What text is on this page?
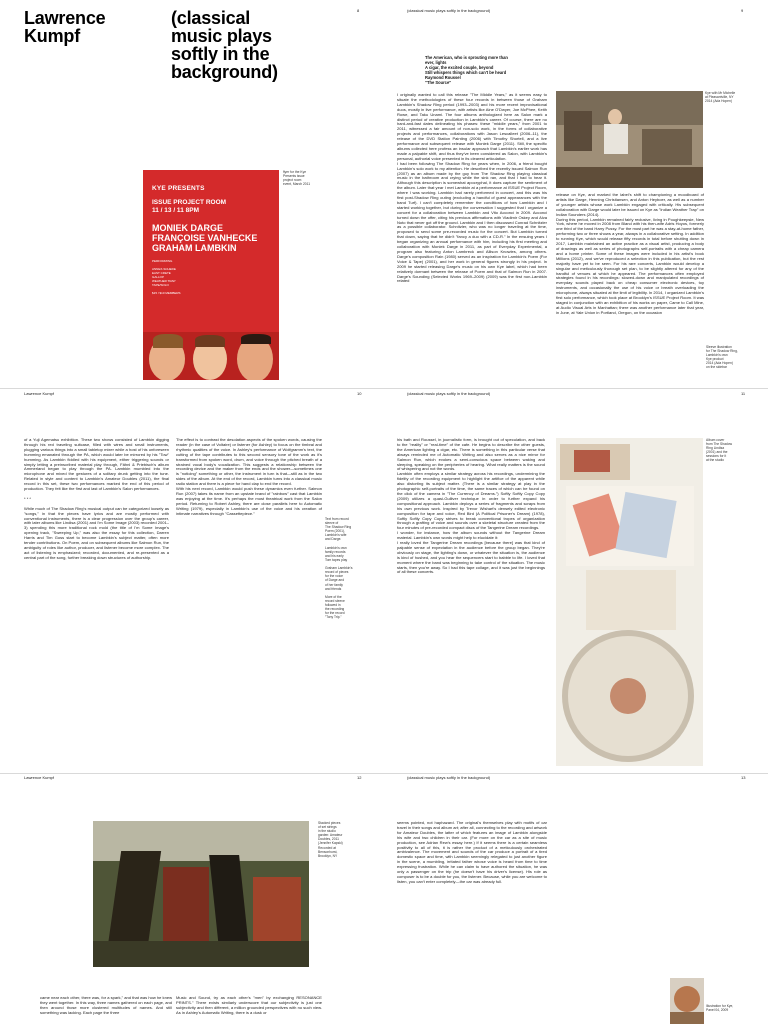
Lawrence
Kumpf
(classical
music plays
softly in the
background)
8	(classical music plays softly in the background)	9
flyer for the Kye
Presents issue
project room
event, March 2011
KYE PRESENTS
ISSUE PROJECT ROOM
11 / 13 / 11 8PM
MONIEK DARGE
FRANÇOISE VANHECKE
GRAHAM LAMBKIN
PERFORMING

ANNEX-SCHEDE
EAST CRETE
GALLOP
WEATHER TRAP
TAPE/SOLO

$15 / $10 MEMBERS
The American, who is sprouting more than
ever, lights
A cigar, the excited couple, beyond
Still whispers things which can't be heard
Raymond Roussel
"The Source"
I originally wanted to call this release "The Middle Years," as it seems easy to situate the methodologies of these four records in between those of Graham Lambkin's Shadow Ring period (1993–2003) and his more recent improvisational duos, mostly in live performance, with artists like Aine O'Dwyer, Joe McPhee, Keith Rowe, and Taku Unami. The four albums anthologized here as Salon mark a distinct period of creative production in Lambkin's career. Of course, there are no hard-and-fast dates delineating his phases: these "middle years," from 2001 to 2011, witnessed a fair amount of non-solo work, in the forms of collaborative projects and performances, collaborations with Jason Lescalleet (2006–11), the release of the DVD Station Painting (2006) with Timothy Shortell, and a live performance and subsequent release with Moniek Darge (2011). Still, the specific albums collected here profess an insular approach that Lambkin's earlier work has made a palpable shift, and thus they've been considered as Salon, with Lambkin's personal, authorial voice presented in its clearest articulation.
I had been following The Shadow Ring for years when, in 2006, a friend bought Lambkin's solo work to my attention. He described the recently issued Salmon Run (2007) as an album made by the guy from The Shadow Ring playing classical music in the bathroom and crying while the sink ran, and that I had to hear it. Although this description is somewhat apocryphal, it does capture the sentiment of the album. Later that year I met Lambkin at a performance at ISSUE Project Room, where I was working. Lambkin had rarely performed in concert, and this was his first post-Shadow Ring outing (excluding a handful of guest appearances with the band Turf). I can't completely remember the conditions of how Lambkin and I started working together, but during the conversation I suggested that I organize a concert for a collaboration between Lambkin and Vito Acconci in 2009. Acconci turned down the offer, citing his previous affirmations with Vladimir Oskey and Alva Noto that never got off the ground. Lambkin and I then discussed Conrad Schnitzler as a possible collaborator. Schnitzler, who was no longer traveling at the time, proposed to send some pre-recorded music for the concert. But Lambkin turned that down, saying that he didn't "fancy a duo with a CD-R." In the ensuing years I began organizing an annual performance with him, including his first meeting and collaboration with Moniek Darge in 2011, as part of Everyday Experimental, a program also featuring Anton Lambreck and Allison Knowles, among others. Darge's composition Rain (1980) served as an inspiration for Lambkin's Poem (For Voice & Tape) (2001), and her work in general figures strongly in his project. In 2009 he started releasing Darge's music on his own Kye label, which had been relatively dormant between the release of Poem and that of Salmon Run in 2007. Darge's Sounding (Selected Works 1969–2009) (2009) was the first non-Lambkin related
Kye with Mr Michelle
at Pleasantville, NY
2014 (Ada Hopen)
release on Kye, and marked the label's shift to championing a moodboard of artists like Darge, Henning Christiansen, and Anton Heyboer, as well as a number of younger artists whose work Lambkin engaged with critically. His subsequent collaboration with Darge would later be issued on Kye as "Indian Weather Trap" on Indian Sounders (2014).
During this period, Lambkin remained fairly reclusive, living in Poughkeepsie, New York, where he moved in 2008 from Bland with his then-wife Adris Hoyos, formerly one third of the band Harry Pussy. For the most part he was a stay-at-home father, performing two or three shows a year, always in a collaborative setting. In addition to running Kye, which would release fifty records in total before shutting down in 2017, Lambkin maintained an active practice as a visual artist, producing a body of drawings as well as series of photographs self-portraits with a cheap camera and a home printer. Some of these images were included in his artist's book Millions (2012), and we've reproduced a selection in this publication, but the rest majority have yet to be seen. For his rare concerts, Lambkin would develop a singular and meticulously thorough set plan, to be slightly altered for any of the handful of venues at which he appeared. The performances often employed strategies found in his recordings: slowed-down and manipulated recordings of everyday sounds played back on cheap consumer electronic devices, toy instruments, and occasionally the use of his voice or breath overloading the microphone, always situated at the limit of legibility. In 2014, I organized Lambkin's first solo performance, which took place at Brooklyn's ISSUE Project Room. It was staged in conjunction with an exhibition of his works on paper, Came to Call Mine, at Audio Visual Arts in Manhattan; there was another performance later that year, in June, at Yale Union in Portland, Oregon, on the occasion
Sleeve illustration
for The Shadow Ring,
Lambkin's own
Kye product
2014 (Ada Hopen)
on the sidebar
Lawrence Kumpf	10	(classical music plays softly in the background)	11
of a Yuji Agematsu exhibition. These two shows consisted of Lambkin digging through his red traveling suitcase, filled with wires and small instruments, plugging various things into a small tabletop mixer while a host of his unforeseen humming emanated through the PA, which would later be mirrored by his "Tow" humming. As Lambkin fiddled with his equipment, either triggering sounds or simply letting a preinscribed material play through, Fähnl & Priebisch's album Ammerland began to play through the PA. Lambkin mumbled into the microphone and mixed the gestures of a solitary drunk getting into the tune. Related in style and content to Lambkin's Amateur Doubles (2011), the final record in this set, these two performances marked the end of this period of production. They felt like the first and last of Lambkin's Salon performances.

* * *

While much of The Shadow Ring's musical output can be categorized loosely as "songs," in that the pieces have lyrics and are mostly performed with conventional instruments, there is a clear progression over the group's career, with later albums like Lindisa (2001) and I'm Some Image (2003) recorded 2001–3) spending this more traditional rock mold (the title of I'm Some Image's opening track, "Sweeping Up," was also the essay for this collection, Darren Harris and Tim Goss start to become Lambkin's subject matter, often more tender contributions. On Poem, and on subsequent albums like Salmon Run, the ambiguity of roles like author, producer, and listener become more complex. The act of listening is emphasized; recorded, documented, and re-presented as a central part of the song, further breaking down structures of authorship.
The effect is to contrast the desolation aspects of the spoken words, causing the reader (in the case of Voltaire) or listener (for Ashley) to focus on the timbral and rhythmic qualities of the voice. In Ashley's performance of Wolfgramm's text, the cutting of the tape contributes to this second sensory tone of the work as it's transformed from spoken word, drum, and voice through the pitched breath of a strained vocal body's vocalization. This suggests a relationship between the recording device and the maker from the ends and the shower—sometimes one is "noticing" something or other, the instrument in turn is that—still as in the two sides of the album. At the end of the record, Lambkin turns into a classical music radio station and there is a piece for hand clap to end the record.
With his next record, Lambkin would push these dynamics even further. Salmon Run (2007) takes its name from an upstate brand of "rainbow" cast that Lambkin was enjoying at the time. It's perhaps the most theatrical work from the Salon period. Returning to Robert Ashley, there are close parallels here to Automatic Writing (1979), especially in Lambkin's use of the voice and his creation of intimate narratives through "Cassettepiece."
Text from record
sleeve of
The Shadow Ring
Poem (2001),
Lambkin's wife
and Darge.

Lambkin's own
family records
and his early
Tom tapes play

Graham Lambkin's
record of pieces
for the voice
of Darge and
of her family
and friends

More of the
record sleeve
followed in
the recording
for the record
"Tony Trip."
his bath and Roussel, in journalistic form, is brought out of speculation, and back to the "reality" or "real-time" of the cafe. He begins to describe the other guests, the American lighting a cigar, etc. There is something in this particular verse that always reminded me of Automatic Writing and also serves as a nice mirror for Salmon Run, which evokes a semi-conscious space between waking and sleeping, speaking on the peripheries of hearing. What really matters is the sound of whispering and not the words.
Lambkin often employs a similar strategy across his recordings, undermining the fidelity of the recording equipment to highlight the artifice of the apparent while also distorting its subject matter. (There is a similar strategy at play in the photographic self-portraits of the time, the same traces of which can be found on the click of the camera in "The Currency of Dreams.") Softly Softly Copy Copy (2009) utilizes a quasi-Gulliver technique in order to further expand his compositional approach. Lambkin deploys a series of fragments and scraps from his own previous work. Inspired by Trevor Wishart's densely edited electronic composition for tape and voice, Red Bird (A Political Prisoner's Dream) (1978), Softly Softly Copy Copy strives to break conventional tropes of organization through a grafting of voice and sounds over a skeletal structure created from the four minutes of pre-recorded compact discs of the Tangerine Dream recordings.
I wonder, for instance, how the album sounds without the Tangerine Dream material. Lambkin's own words might help to elucidate it:
I really loved the Tangerine Dream recordings [because there] was that kind of palpable sense of expectation in the audience before the group began. They're obviously on stage, the lighting's down, or whatever the situation is, the audience is kind of hushed, and you hear the sequencers start to babble to life. I loved that moment where the band was beginning to take control of the situation. The music starts, then you're away. So I had this tape collage, and it was just the beginnings of all these concerts.
Album cover
from The Shadow
Ring Lindisa
(2001) and the
sessions for it
at the studio
Lawrence Kumpf	12	(classical music plays softly in the background)	13
Stacked pieces
of set strings
in the studio
garden: Amateur
Doubles, 2011
(Jennifer Kapski)
Recorded at
Bensonhurst,
Brooklyn, NY
came near each other, there was, for a spark," and that was how he knew they went together. In this way, three names gathered on each page, and then around those more clustered multitudes of names. And still something was lacking. Each page the three
Music and Sound, try as each other's "men" by exchanging RESONANCE PRINTS." There exists similarly underscore that our subjectivity is just one subjectivity and then different, a million grounded perspectives with no such view. As in Ashley's Automatic Writing, there is a dusk or
seems pointed, not haphazard. The original's themselves play with motifs of car travel in their songs and album art; after all, connecting to the recording and artwork for Amateur Doubles, the latter of which features an image of Lambkin alongside his wife and two children in their car. (For more on the car as a site of music production, see Adrian Rew's essay here.) If it seems there is a certain seamless positivity to all of this, it is rather the product of a meticulously orchestrated ambivalence. The movement and sounds of the car produce a portrait of a tired domestic space and time, with Lambkin seemingly relegated to just another figure in the scene, a mumbling, irritated father whose voice is heard from time to time expressing frustration. While he can claim to have authored the situation, he was only a passenger on the trip (he doesn't have his driver's license). His role as composer is to be a double for you, the listener. Because, while you are welcome to listen, you can't enter completely—the car was already full.
Illustration for Kye,
Panel 04, 2009
